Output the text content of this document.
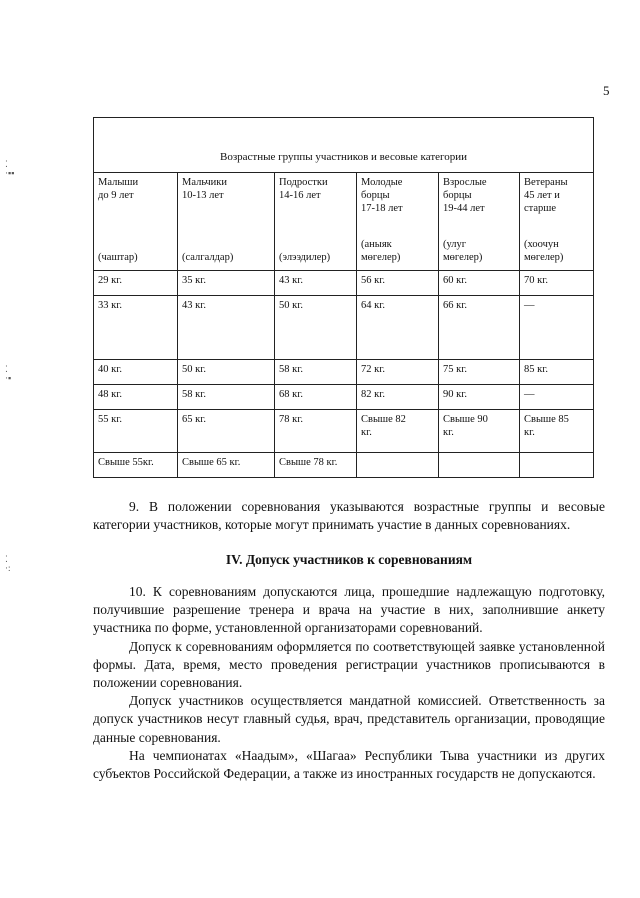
5
⁚
·▪▪
⁚
·▪
⁚
·:
Возрастные группы участников и весовые категории					

Малыши
до 9 лет
(чаштар)	Мальчики
10-13 лет
(салгалдар)	Подростки
14-16 лет
(элээдилер)	Молодые
борцы
17-18 лет
(аныяк
мөгелер)	Взрослые
борцы
19-44 лет
(улуг
мөгелер)	Ветераны
45 лет и
старше
(хоочун
мөгелер)

29 кг.	35 кг.	43 кг.	56 кг.	60 кг.	70 кг.
33 кг.	43 кг.	50 кг.	64 кг.	66 кг.	—
40 кг.	50 кг.	58 кг.	72 кг.	75 кг.	85 кг.
48 кг.	58 кг.	68 кг.	82 кг.	90 кг.	—
55 кг.	65 кг.	78 кг.	Свыше 82
кг.	Свыше 90
кг.	Свыше 85
кг.
Свыше 55кг.	Свыше 65 кг.	Свыше 78 кг.			

9. В положении соревнования указываются возрастные группы и весовые категории участников, которые могут принимать участие в данных соревнованиях.

IV. Допуск участников к соревнованиям

10. К соревнованиям допускаются лица, прошедшие надлежащую подготовку, получившие разрешение тренера и врача на участие в них, заполнившие анкету участника по форме, установленной организаторами соревнований.

Допуск к соревнованиям оформляется по соответствующей заявке установленной формы. Дата, время, место проведения регистрации участников прописываются в положении соревнования.

Допуск участников осуществляется мандатной комиссией. Ответственность за допуск участников несут главный судья, врач, представитель организации, проводящие данные соревнования.

На чемпионатах «Наадым», «Шагаа» Республики Тыва участники из других субъектов Российской Федерации, а также из иностранных государств не допускаются.
